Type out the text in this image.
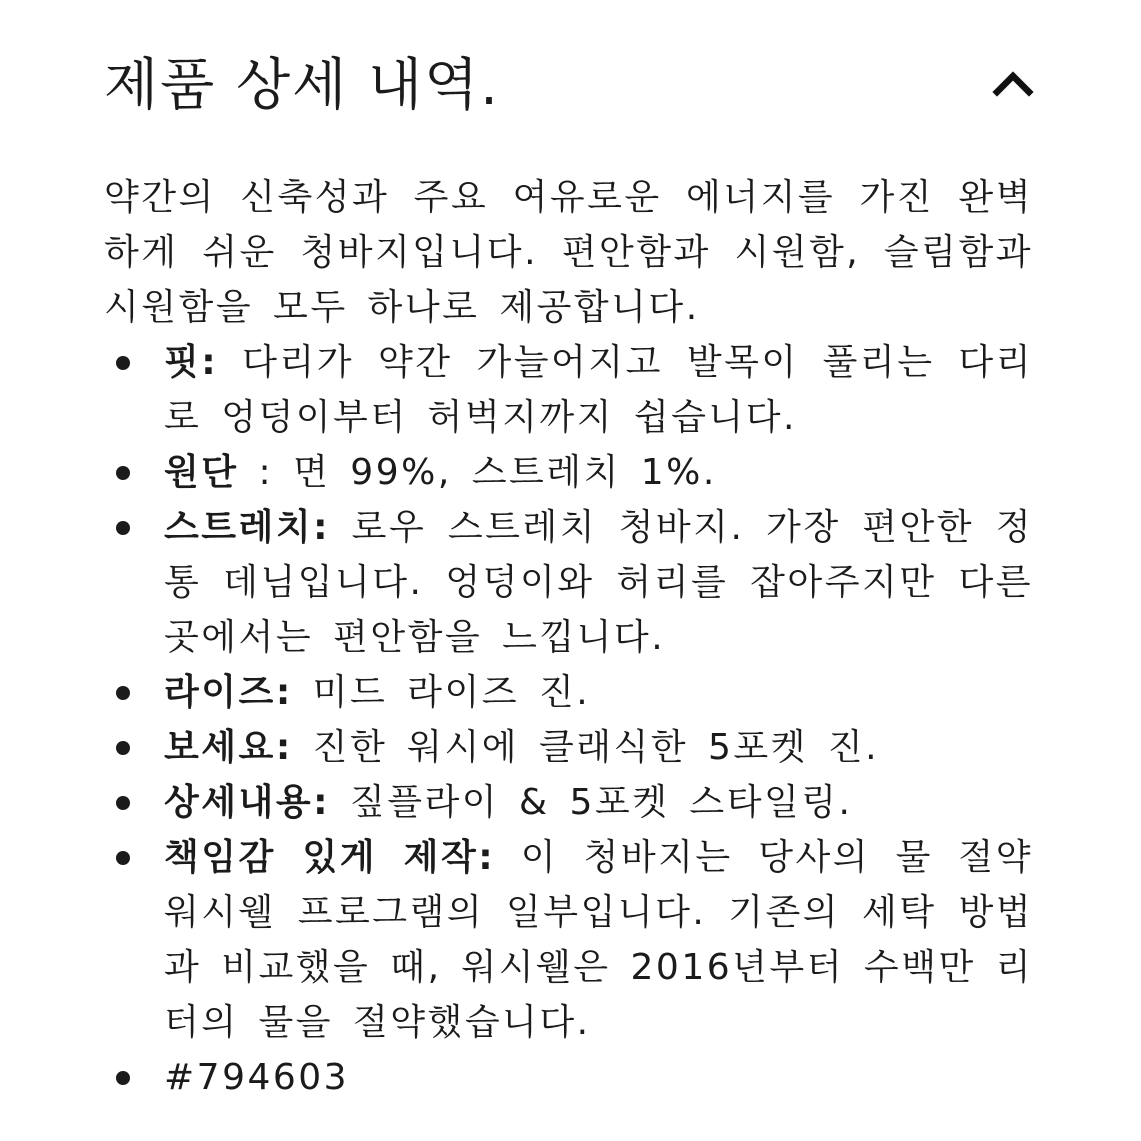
제품 상세 내역.

약간의 신축성과 주요 여유로운 에너지를 가진 완벽하게 쉬운 청바지입니다. 편안함과 시원함, 슬림함과 시원함을 모두 하나로 제공합니다.

핏: 다리가 약간 가늘어지고 발목이 풀리는 다리로 엉덩이부터 허벅지까지 쉽습니다.
원단 : 면 99%, 스트레치 1%.
스트레치: 로우 스트레치 청바지. 가장 편안한 정통 데님입니다. 엉덩이와 허리를 잡아주지만 다른 곳에서는 편안함을 느낍니다.
라이즈: 미드 라이즈 진.
보세요: 진한 워시에 클래식한 5포켓 진.
상세내용: 짚플라이 & 5포켓 스타일링.
책임감 있게 제작: 이 청바지는 당사의 물 절약 워시웰 프로그램의 일부입니다. 기존의 세탁 방법과 비교했을 때, 워시웰은 2016년부터 수백만 리터의 물을 절약했습니다.
#794603
